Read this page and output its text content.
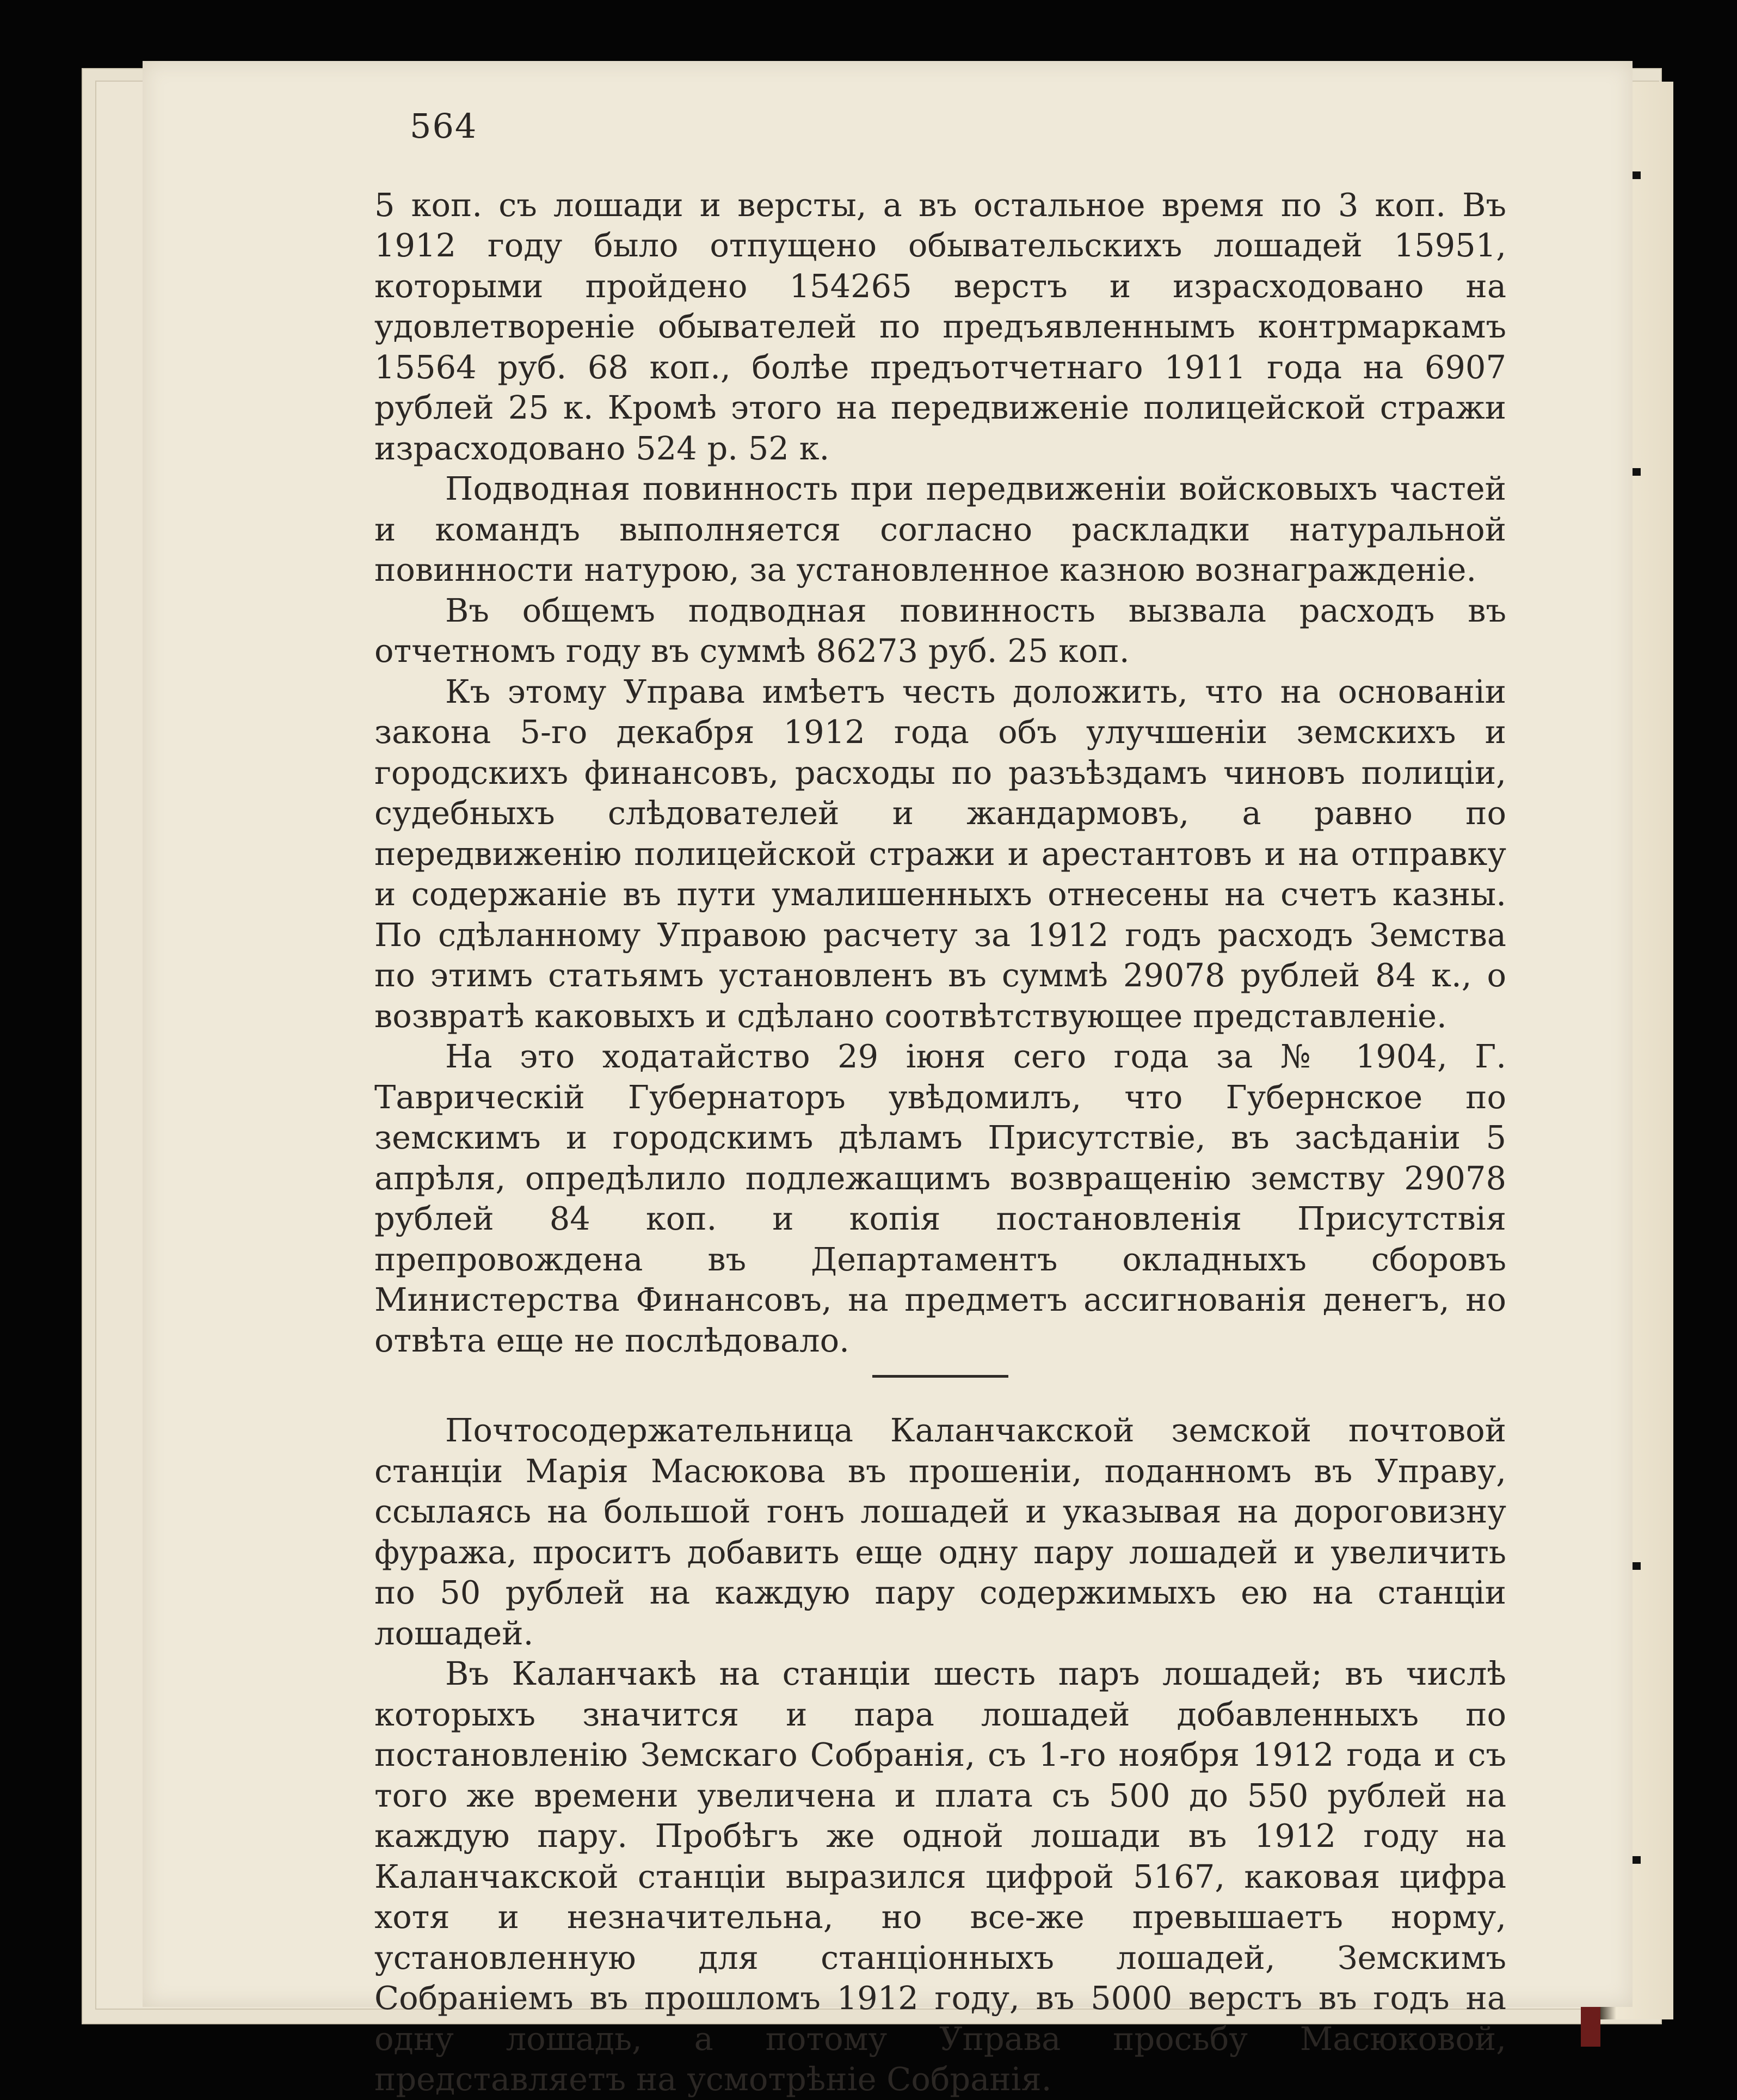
564

5 коп. съ лошади и версты, а въ остальное время по 3 коп. Въ 1912 году было отпущено обывательскихъ лошадей 15951, которыми пройдено 154265 верстъ и израсходовано на удовлетвореніе обывателей по предъявленнымъ контрмаркамъ 15564 руб. 68 коп., болѣе предъотчетнаго 1911 года на 6907 рублей 25 к. Кромѣ этого на передвиженіе полицейской стражи израсходовано 524 р. 52 к.

Подводная повинность при передвиженіи войсковыхъ частей и командъ выполняется согласно раскладки натуральной повинности натурою, за установленное казною вознагражденіе.

Въ общемъ подводная повинность вызвала расходъ въ отчетномъ году въ суммѣ 86273 руб. 25 коп.

Къ этому Управа имѣетъ честь доложить, что на основаніи закона 5-го декабря 1912 года объ улучшеніи земскихъ и городскихъ финансовъ, расходы по разъѣздамъ чиновъ полиціи, судебныхъ слѣдователей и жандармовъ, а равно по передвиженію полицейской стражи и арестантовъ и на отправку и содержаніе въ пути умалишенныхъ отнесены на счетъ казны. По сдѣланному Управою расчету за 1912 годъ расходъ Земства по этимъ статьямъ установленъ въ суммѣ 29078 рублей 84 к., о возвратѣ каковыхъ и сдѣлано соотвѣтствующее представленіе.

На это ходатайство 29 іюня сего года за № 1904, Г. Таврическій Губернаторъ увѣдомилъ, что Губернское по земскимъ и городскимъ дѣламъ Присутствіе, въ засѣданіи 5 апрѣля, опредѣлило подлежащимъ возвращенію земству 29078 рублей 84 коп. и копія постановленія Присутствія препровождена въ Департаментъ окладныхъ сборовъ Министерства Финансовъ, на предметъ ассигнованія денегъ, но отвѣта еще не послѣдовало.

Почтосодержательница Каланчакской земской почтовой станціи Марія Масюкова въ прошеніи, поданномъ въ Управу, ссылаясь на большой гонъ лошадей и указывая на дороговизну фуража, проситъ добавить еще одну пару лошадей и увеличить по 50 рублей на каждую пару содержимыхъ ею на станціи лошадей.

Въ Каланчакѣ на станціи шесть паръ лошадей; въ числѣ которыхъ значится и пара лошадей добавленныхъ по постановленію Земскаго Собранія, съ 1-го ноября 1912 года и съ того же времени увеличена и плата съ 500 до 550 рублей на каждую пару. Пробѣгъ же одной лошади въ 1912 году на Каланчакской станціи выразился цифрой 5167, каковая цифра хотя и незначительна, но все-же превышаетъ норму, установленную для станціонныхъ лошадей, Земскимъ Собраніемъ въ прошломъ 1912 году, въ 5000 верстъ въ годъ на одну лошадь, а потому Управа просьбу Масюковой, представляетъ на усмотрѣніе Собранія.
